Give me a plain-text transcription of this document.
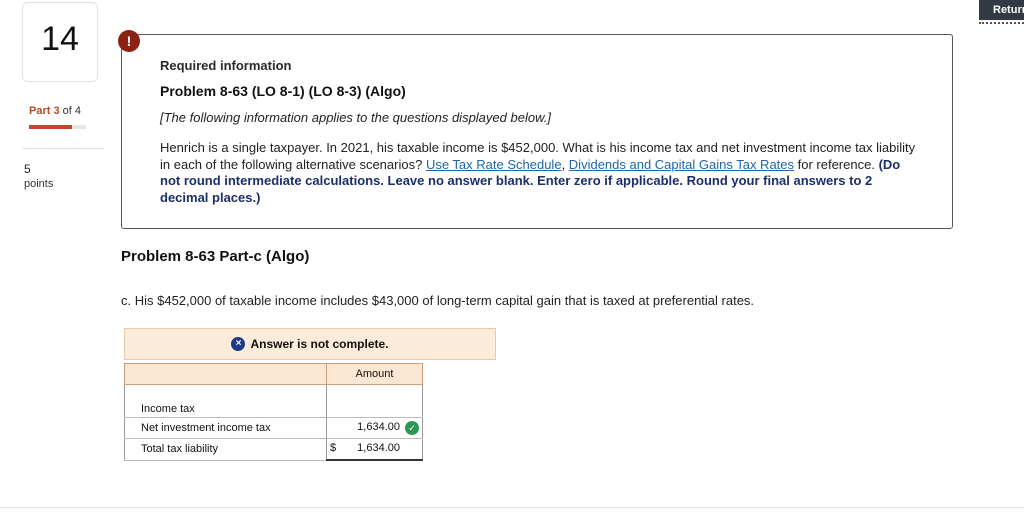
14
Part 3 of 4
5
points
Return
!
Required information
Problem 8-63 (LO 8-1) (LO 8-3) (Algo)
[The following information applies to the questions displayed below.]
Henrich is a single taxpayer. In 2021, his taxable income is $452,000. What is his income tax and net investment income tax liability in each of the following alternative scenarios? Use Tax Rate Schedule, Dividends and Capital Gains Tax Rates for reference. (Do not round intermediate calculations. Leave no answer blank. Enter zero if applicable. Round your final answers to 2 decimal places.)
Problem 8-63 Part-c (Algo)
c. His $452,000 of taxable income includes $43,000 of long-term capital gain that is taxed at preferential rates.
× Answer is not complete.
	Amount
Income tax	

Net investment income tax	1,634.00 ✓

Total tax liability	$ 1,634.00
